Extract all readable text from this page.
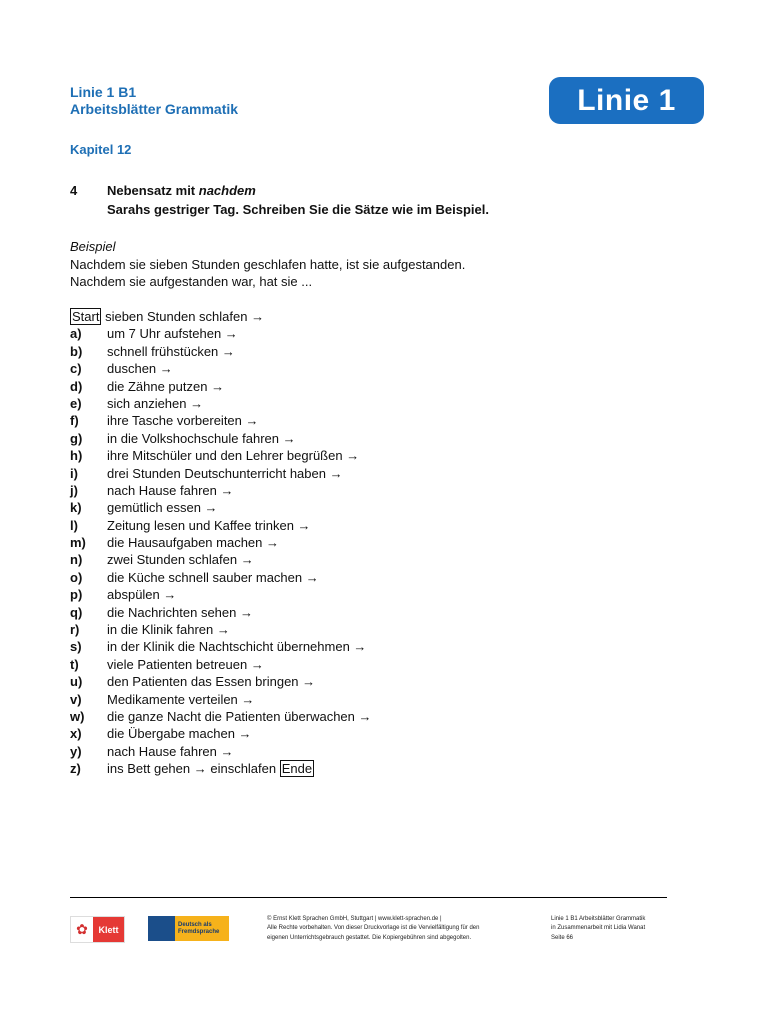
Linie 1 B1
Arbeitsblätter Grammatik	Linie 1
Kapitel 12
4 Nebensatz mit nachdem
Sarahs gestriger Tag. Schreiben Sie die Sätze wie im Beispiel.
Beispiel
Nachdem sie sieben Stunden geschlafen hatte, ist sie aufgestanden.
Nachdem sie aufgestanden war, hat sie ...
Start sieben Stunden schlafen →
a) um 7 Uhr aufstehen →
b) schnell frühstücken →
c) duschen →
d) die Zähne putzen →
e) sich anziehen →
f) ihre Tasche vorbereiten →
g) in die Volkshochschule fahren →
h) ihre Mitschüler und den Lehrer begrüßen →
i) drei Stunden Deutschunterricht haben →
j) nach Hause fahren →
k) gemütlich essen →
l) Zeitung lesen und Kaffee trinken →
m) die Hausaufgaben machen →
n) zwei Stunden schlafen →
o) die Küche schnell sauber machen →
p) abspülen →
q) die Nachrichten sehen →
r) in die Klinik fahren →
s) in der Klinik die Nachtschicht übernehmen →
t) viele Patienten betreuen →
u) den Patienten das Essen bringen →
v) Medikamente verteilen →
w) die ganze Nacht die Patienten überwachen →
x) die Übergabe machen →
y) nach Hause fahren →
z) ins Bett gehen → einschlafen Ende
✿	Klett	Deutsch als
Fremdsprache
© Ernst Klett Sprachen GmbH, Stuttgart | www.klett-sprachen.de |
Alle Rechte vorbehalten. Von dieser Druckvorlage ist die Vervielfältigung für den
eigenen Unterrichtsgebrauch gestattet. Die Kopiergebühren sind abgegolten.
Linie 1 B1 Arbeitsblätter Grammatik
in Zusammenarbeit mit Lidia Wanat
Seite 66
